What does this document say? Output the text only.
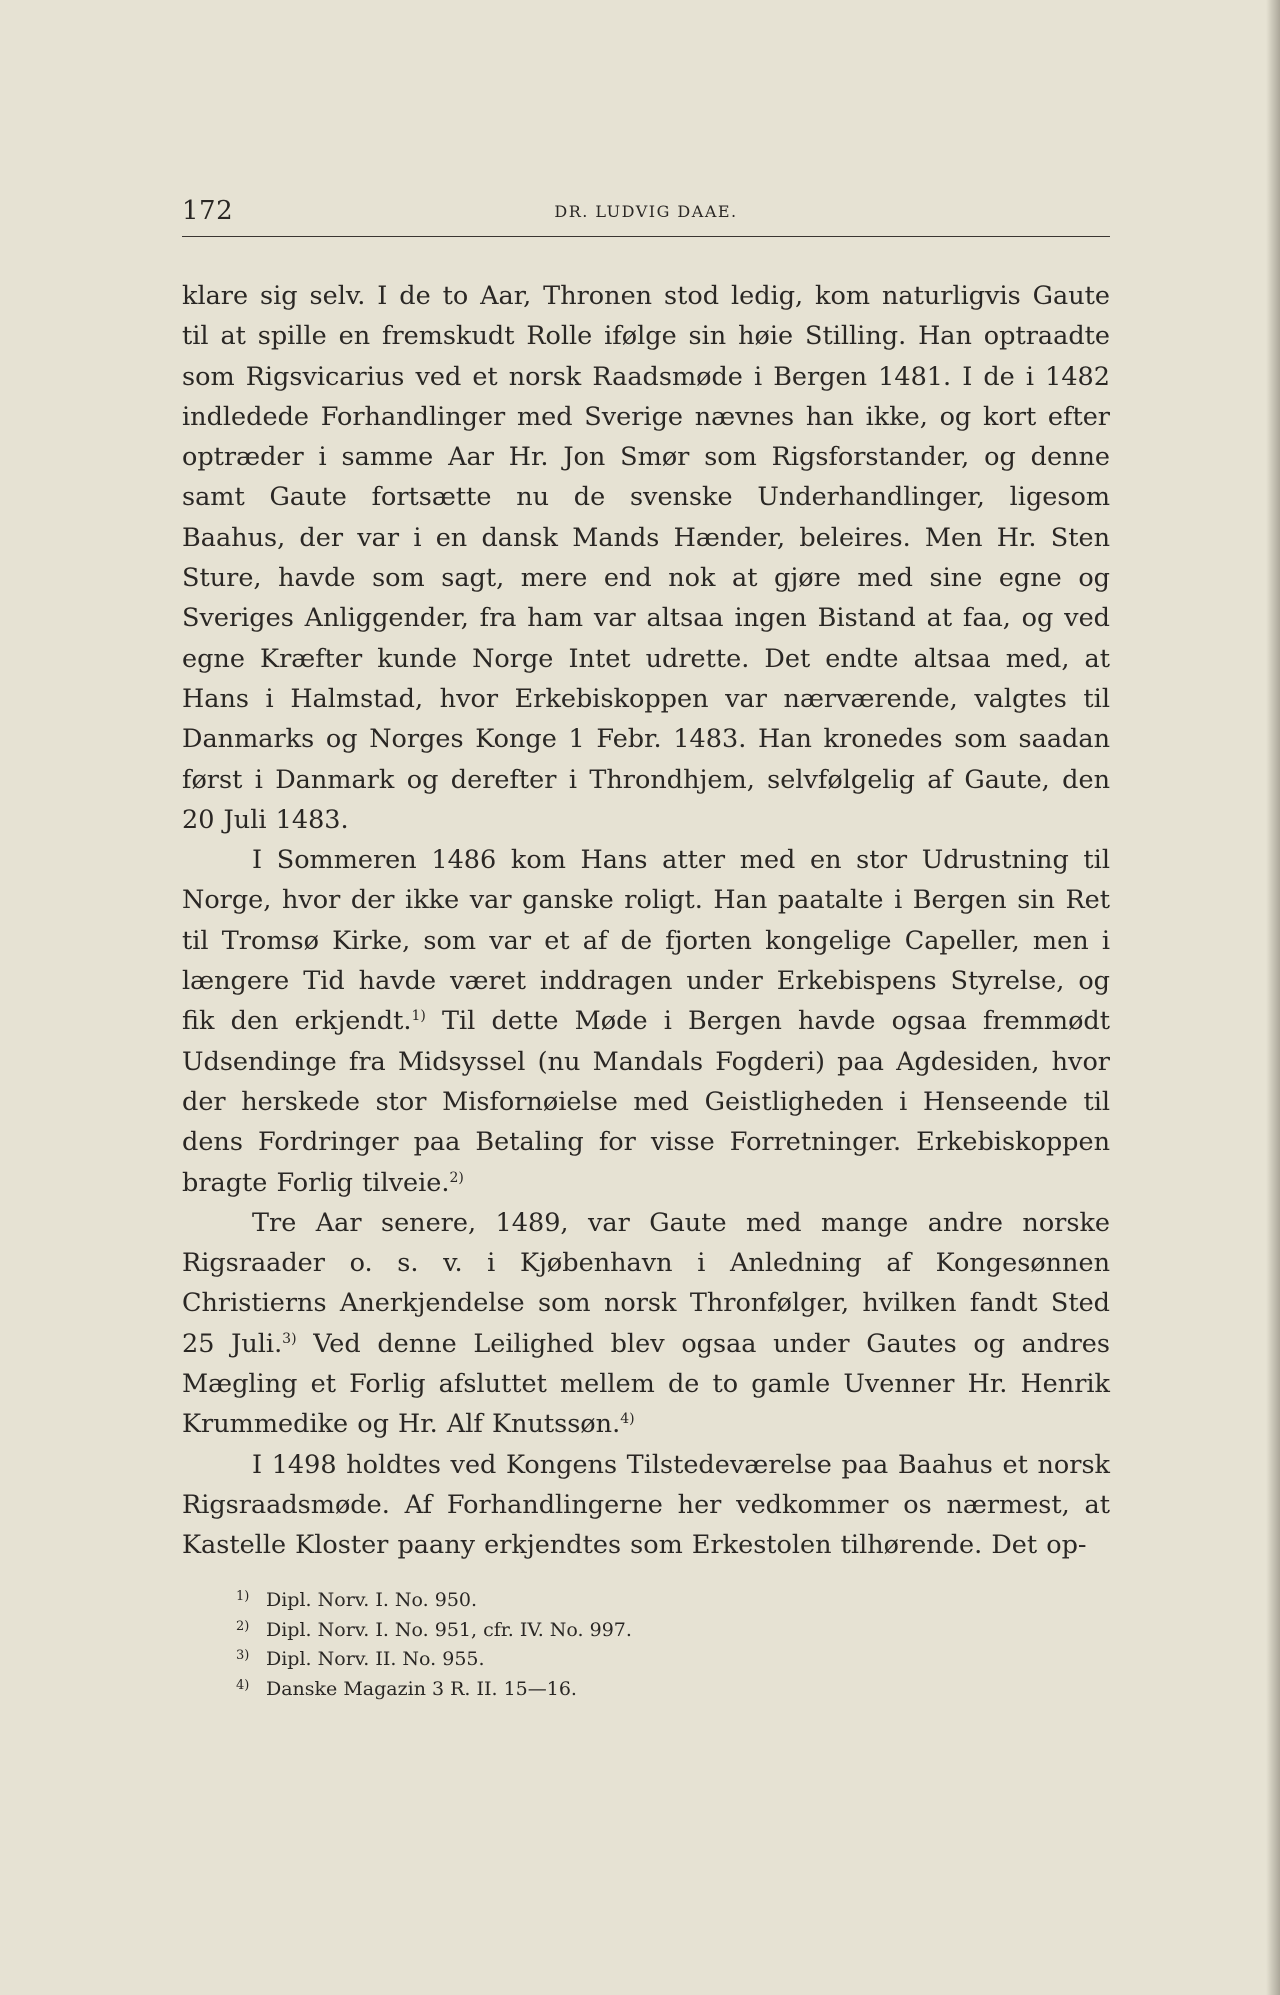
172	DR. LUDVIG DAAE.

klare sig selv. I de to Aar, Thronen stod ledig, kom naturligvis Gaute til at spille en fremskudt Rolle ifølge sin høie Stilling. Han optraadte som Rigsvicarius ved et norsk Raadsmøde i Bergen 1481. I de i 1482 indledede Forhandlinger med Sverige nævnes han ikke, og kort efter optræder i samme Aar Hr. Jon Smør som Rigsforstander, og denne samt Gaute fortsætte nu de svenske Underhandlinger, ligesom Baahus, der var i en dansk Mands Hænder, beleires. Men Hr. Sten Sture, havde som sagt, mere end nok at gjøre med sine egne og Sveriges Anliggender, fra ham var altsaa ingen Bistand at faa, og ved egne Kræfter kunde Norge Intet udrette. Det endte altsaa med, at Hans i Halmstad, hvor Erkebiskoppen var nærværende, valgtes til Danmarks og Norges Konge 1 Febr. 1483. Han kronedes som saadan først i Danmark og derefter i Throndhjem, selvfølgelig af Gaute, den 20 Juli 1483.

I Sommeren 1486 kom Hans atter med en stor Udrustning til Norge, hvor der ikke var ganske roligt. Han paatalte i Bergen sin Ret til Tromsø Kirke, som var et af de fjorten kongelige Capeller, men i længere Tid havde været inddragen under Erkebispens Styrelse, og fik den erkjendt.$^{1)}$ Til dette Møde i Bergen havde ogsaa fremmødt Udsendinge fra Midsyssel (nu Mandals Fogderi) paa Agdesiden, hvor der herskede stor Misfornøielse med Geistligheden i Henseende til dens Fordringer paa Betaling for visse Forretninger. Erkebiskoppen bragte Forlig tilveie.$^{2)}$

Tre Aar senere, 1489, var Gaute med mange andre norske Rigsraader o. s. v. i Kjøbenhavn i Anledning af Kongesønnen Christierns Anerkjendelse som norsk Thronfølger, hvilken fandt Sted 25 Juli.$^{3)}$ Ved denne Leilighed blev ogsaa under Gautes og andres Mægling et Forlig afsluttet mellem de to gamle Uvenner Hr. Henrik Krummedike og Hr. Alf Knutssøn.$^{4)}$

I 1498 holdtes ved Kongens Tilstedeværelse paa Baahus et norsk Rigsraadsmøde. Af Forhandlingerne her vedkommer os nærmest, at Kastelle Kloster paany erkjendtes som Erkestolen tilhørende. Det op-

$^{1)}$ Dipl. Norv. I. No. 950.
$^{2)}$ Dipl. Norv. I. No. 951, cfr. IV. No. 997.
$^{3)}$ Dipl. Norv. II. No. 955.
$^{4)}$ Danske Magazin 3 R. II. 15—16.
